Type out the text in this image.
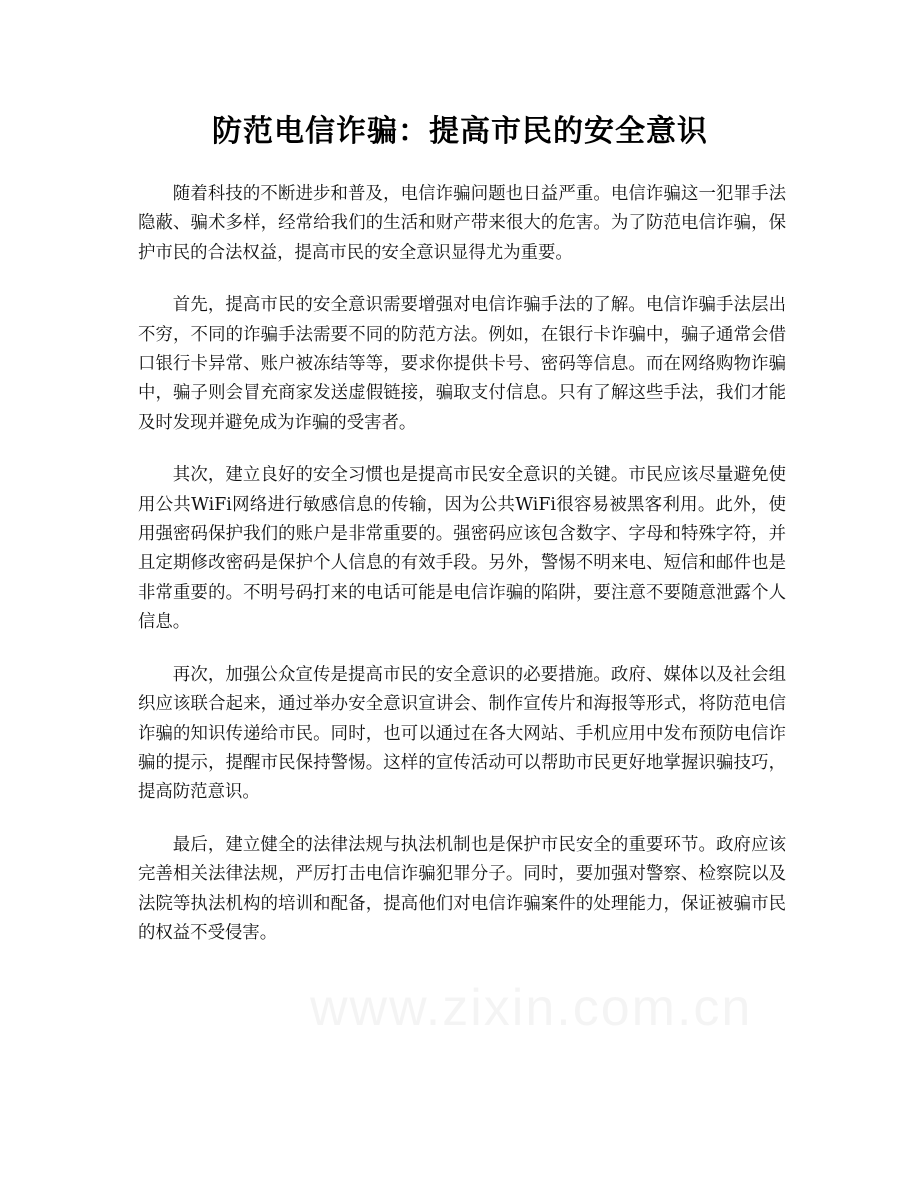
防范电信诈骗：提高市民的安全意识

随着科技的不断进步和普及，电信诈骗问题也日益严重。电信诈骗这一犯罪手法隐蔽、骗术多样，经常给我们的生活和财产带来很大的危害。为了防范电信诈骗，保护市民的合法权益，提高市民的安全意识显得尤为重要。

首先，提高市民的安全意识需要增强对电信诈骗手法的了解。电信诈骗手法层出不穷，不同的诈骗手法需要不同的防范方法。例如，在银行卡诈骗中，骗子通常会借口银行卡异常、账户被冻结等等，要求你提供卡号、密码等信息。而在网络购物诈骗中，骗子则会冒充商家发送虚假链接，骗取支付信息。只有了解这些手法，我们才能及时发现并避免成为诈骗的受害者。

其次，建立良好的安全习惯也是提高市民安全意识的关键。市民应该尽量避免使用公共WiFi网络进行敏感信息的传输，因为公共WiFi很容易被黑客利用。此外，使用强密码保护我们的账户是非常重要的。强密码应该包含数字、字母和特殊字符，并且定期修改密码是保护个人信息的有效手段。另外，警惕不明来电、短信和邮件也是非常重要的。不明号码打来的电话可能是电信诈骗的陷阱，要注意不要随意泄露个人信息。

再次，加强公众宣传是提高市民的安全意识的必要措施。政府、媒体以及社会组织应该联合起来，通过举办安全意识宣讲会、制作宣传片和海报等形式，将防范电信诈骗的知识传递给市民。同时，也可以通过在各大网站、手机应用中发布预防电信诈骗的提示，提醒市民保持警惕。这样的宣传活动可以帮助市民更好地掌握识骗技巧，提高防范意识。

最后，建立健全的法律法规与执法机制也是保护市民安全的重要环节。政府应该完善相关法律法规，严厉打击电信诈骗犯罪分子。同时，要加强对警察、检察院以及法院等执法机构的培训和配备，提高他们对电信诈骗案件的处理能力，保证被骗市民的权益不受侵害。
